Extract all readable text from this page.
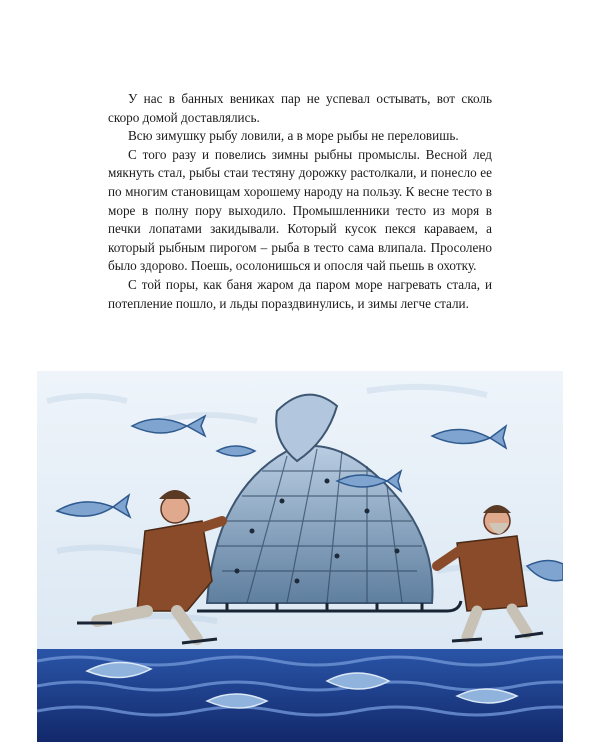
У нас в банных вениках пар не успевал остывать, вот сколь скоро домой доставлялись.

Всю зимушку рыбу ловили, а в море рыбы не переловишь.

С того разу и повелись зимны рыбны промыслы. Весной лед мякнуть стал, рыбы стаи тестяну дорожку растолкали, и понесло ее по многим становищам хорошему народу на пользу. К весне тесто в море в полну пору выходило. Промышленники тесто из моря в печки лопатами закидывали. Который кусок пекся караваем, а который рыбным пирогом – рыба в тесто сама влипала. Просолено было здорово. Поешь, осолонишься и опосля чай пьешь в охотку.

С той поры, как баня жаром да паром море нагревать стала, и потепление пошло, и льды пораздвинулись, и зимы легче стали.
